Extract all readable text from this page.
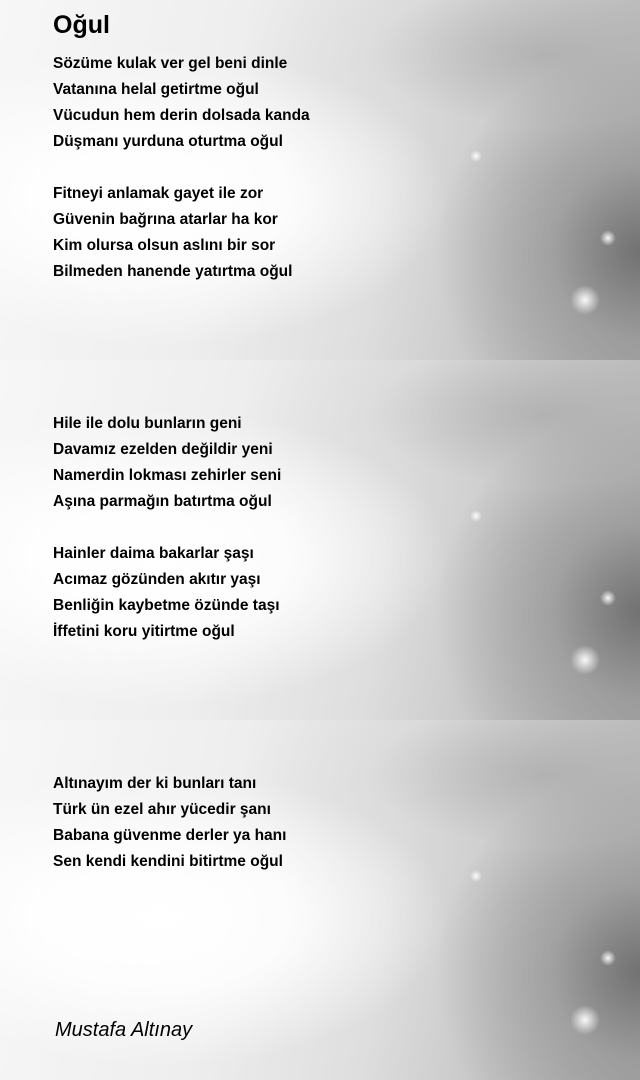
Oğul
Sözüme kulak ver gel beni dinle
Vatanına helal getirtme oğul
Vücudun hem derin dolsada kanda
Düşmanı yurduna oturtma oğul
Fitneyi anlamak gayet ile zor
Güvenin bağrına atarlar ha kor
Kim olursa olsun aslını bir sor
Bilmeden hanende yatırtma oğul
Hile ile dolu bunların geni
Davamız ezelden değildir yeni
Namerdin lokması zehirler seni
Aşına parmağın batırtma oğul
Hainler daima bakarlar şaşı
Acımaz gözünden akıtır yaşı
Benliğin kaybetme özünde taşı
İffetini koru yitirtme oğul
Altınayım der ki bunları tanı
Türk ün ezel ahır yücedir şanı
Babana güvenme derler ya hanı
Sen kendi kendini bitirtme oğul
Mustafa Altınay
